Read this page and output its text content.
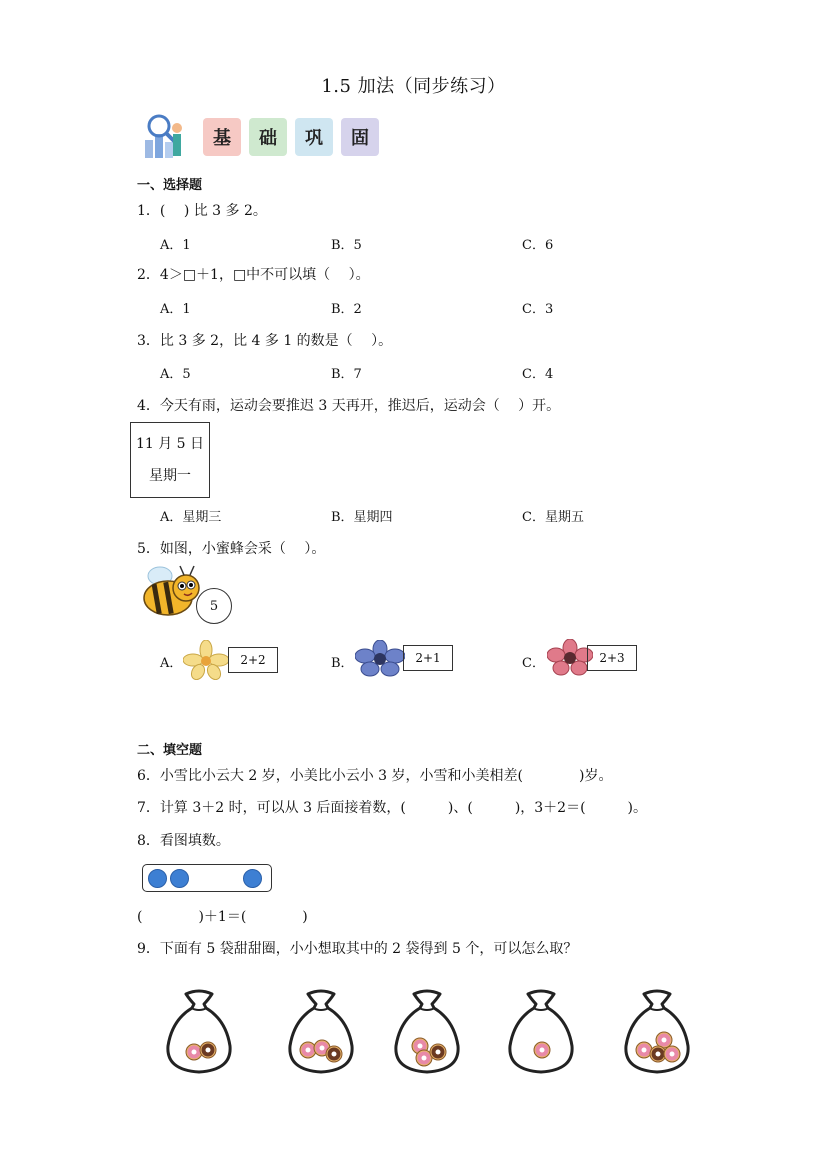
1.5 加法（同步练习）
基	础	巩	固
一、选择题
1．(　 ) 比 3 多 2。
A．1	B．5	C．6
2．4＞□＋1，□中不可以填（　 ）。
A．1	B．2	C．3
3．比 3 多 2，比 4 多 1 的数是（　 ）。
A．5	B．7	C．4
4．今天有雨，运动会要推迟 3 天再开，推迟后，运动会（　 ）开。
11 月 5 日
星期一
A．星期三	B．星期四	C．星期五
5．如图，小蜜蜂会采（　 ）。
5
A．	2+2	B．	2+1	C．	2+3
二、填空题
6．小雪比小云大 2 岁，小美比小云小 3 岁，小雪和小美相差(　　　　)岁。
7．计算 3＋2 时，可以从 3 后面接着数，(　　　)、(　　　)，3＋2＝(　　　)。
8．看图填数。
(　　　　)＋1＝(　　　　)
9．下面有 5 袋甜甜圈，小小想取其中的 2 袋得到 5 个，可以怎么取？
